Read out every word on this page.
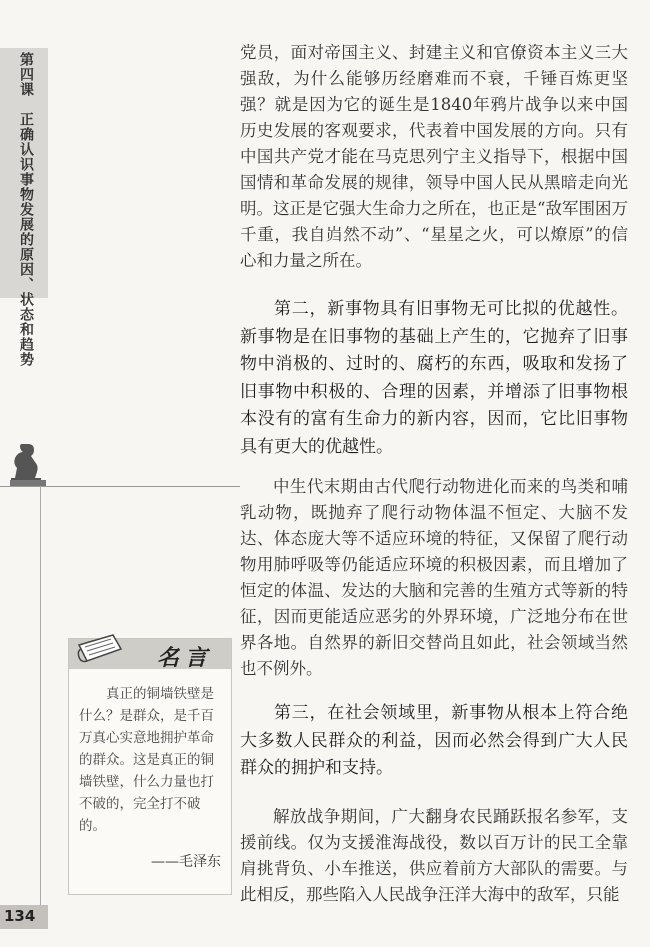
第四课　正确认识事物发展的原因、状态和趋势
名言

真正的铜墙铁壁是什么？是群众，是千百万真心实意地拥护革命的群众。这是真正的铜墙铁壁，什么力量也打不破的，完全打不破的。

——毛泽东
134

党员，面对帝国主义、封建主义和官僚资本主义三大强敌，为什么能够历经磨难而不衰，千锤百炼更坚强？就是因为它的诞生是1840年鸦片战争以来中国历史发展的客观要求，代表着中国发展的方向。只有中国共产党才能在马克思列宁主义指导下，根据中国国情和革命发展的规律，领导中国人民从黑暗走向光明。这正是它强大生命力之所在，也正是“敌军围困万千重，我自岿然不动”、“星星之火，可以燎原”的信心和力量之所在。

第二，新事物具有旧事物无可比拟的优越性。新事物是在旧事物的基础上产生的，它抛弃了旧事物中消极的、过时的、腐朽的东西，吸取和发扬了旧事物中积极的、合理的因素，并增添了旧事物根本没有的富有生命力的新内容，因而，它比旧事物具有更大的优越性。

中生代末期由古代爬行动物进化而来的鸟类和哺乳动物，既抛弃了爬行动物体温不恒定、大脑不发达、体态庞大等不适应环境的特征，又保留了爬行动物用肺呼吸等仍能适应环境的积极因素，而且增加了恒定的体温、发达的大脑和完善的生殖方式等新的特征，因而更能适应恶劣的外界环境，广泛地分布在世界各地。自然界的新旧交替尚且如此，社会领域当然也不例外。

第三，在社会领域里，新事物从根本上符合绝大多数人民群众的利益，因而必然会得到广大人民群众的拥护和支持。

解放战争期间，广大翻身农民踊跃报名参军，支援前线。仅为支援淮海战役，数以百万计的民工全靠肩挑背负、小车推送，供应着前方大部队的需要。与此相反，那些陷入人民战争汪洋大海中的敌军，只能
